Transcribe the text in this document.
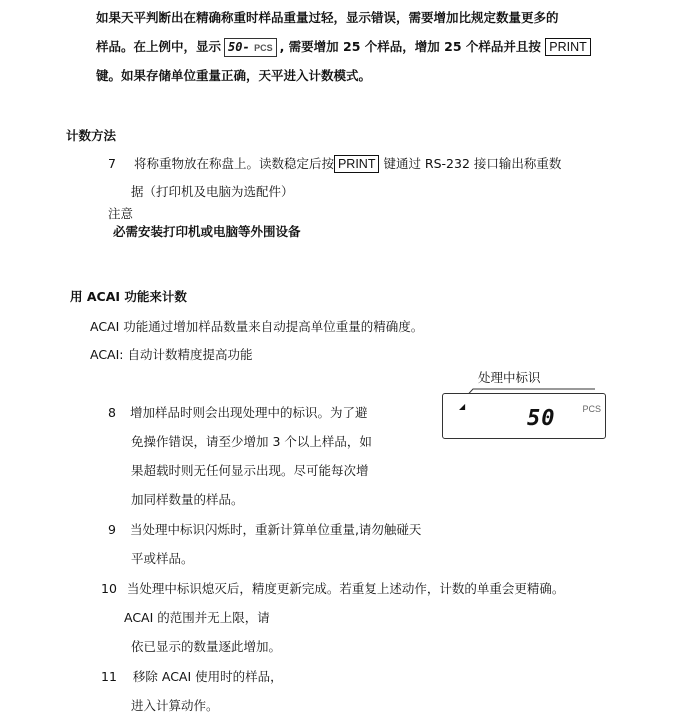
如果天平判断出在精确称重时样品重量过轻，显示错误，需要增加比规定数量更多的
样品。在上例中，显示 50- PCS , 需要增加 25 个样品，增加 25 个样品并且按 PRINT
键。如果存储单位重量正确，天平进入计数模式。
计数方法
7 将称重物放在称盘上。读数稳定后按 PRINT 键通过 RS-232 接口输出称重数
据（打印机及电脑为选配件）
注意
必需安装打印机或电脑等外围设备
用 ACAI 功能来计数
ACAI 功能通过增加样品数量来自动提高单位重量的精确度。
ACAI: 自动计数精度提高功能
处理中标识
◢	50	PCS
8 增加样品时则会出现处理中的标识。为了避
免操作错误，请至少增加 3 个以上样品，如
果超载时则无任何显示出现。尽可能每次增
加同样数量的样品。
9 当处理中标识闪烁时，重新计算单位重量,请勿触碰天
平或样品。
10 当处理中标识熄灭后，精度更新完成。若重复上述动作，计数的单重会更精确。
ACAI 的范围并无上限，请
依已显示的数量逐此增加。
11 移除 ACAI 使用时的样品，
进入计算动作。
